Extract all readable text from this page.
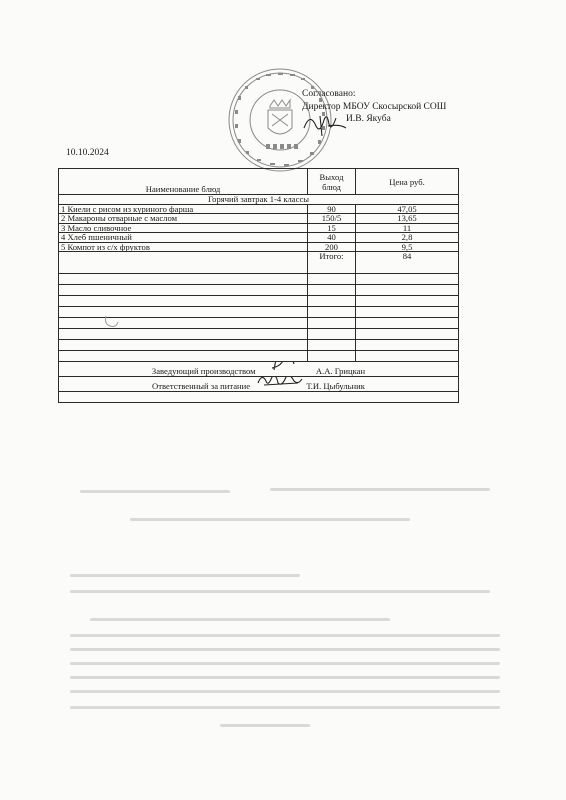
Согласовано:
Директор МБОУ Скосырской СОШ
И.В. Якуба
10.10.2024
Наименование блюд	Выход блюд	Цена руб.
Горячий завтрак 1-4 классы		
1 Киели с рисом из куриного фарша	90	47,05
2 Макароны отварные с маслом	150/5	13,65
3 Масло сливочное	15	11
4 Хлеб пшеничный	40	2,8
5 Компот из с/х фруктов	200	9,5
	Итого:	84

Заведующий производством А.А. Грицкан		
Ответственный за питание Т.И. Цыбульник		
